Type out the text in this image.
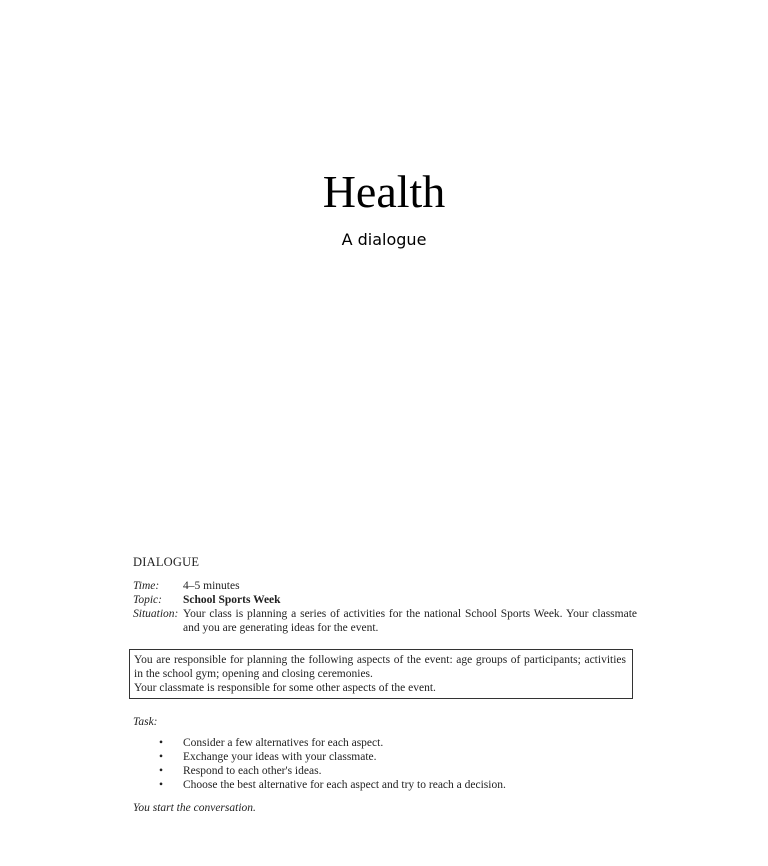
Health
A dialogue
DIALOGUE
Time:	4–5 minutes
Topic:	School Sports Week
Situation: Your class is planning a series of activities for the national School Sports Week. Your classmate and you are generating ideas for the event.
You are responsible for planning the following aspects of the event: age groups of participants; activities in the school gym; opening and closing ceremonies.
Your classmate is responsible for some other aspects of the event.
Task:
•	Consider a few alternatives for each aspect.
•	Exchange your ideas with your classmate.
•	Respond to each other's ideas.
•	Choose the best alternative for each aspect and try to reach a decision.
You start the conversation.
